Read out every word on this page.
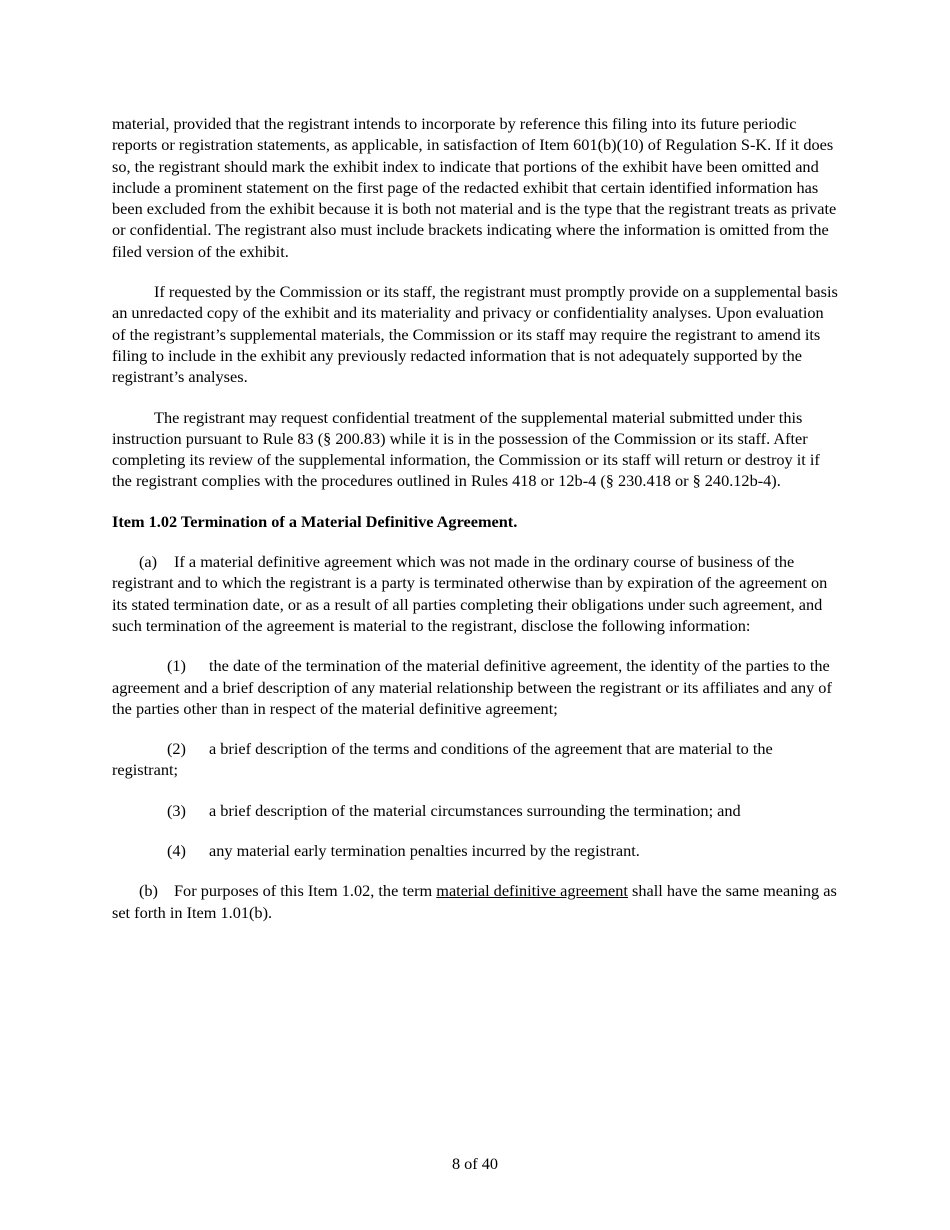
material, provided that the registrant intends to incorporate by reference this filing into its future periodic reports or registration statements, as applicable, in satisfaction of Item 601(b)(10) of Regulation S-K. If it does so, the registrant should mark the exhibit index to indicate that portions of the exhibit have been omitted and include a prominent statement on the first page of the redacted exhibit that certain identified information has been excluded from the exhibit because it is both not material and is the type that the registrant treats as private or confidential. The registrant also must include brackets indicating where the information is omitted from the filed version of the exhibit.

If requested by the Commission or its staff, the registrant must promptly provide on a supplemental basis an unredacted copy of the exhibit and its materiality and privacy or confidentiality analyses. Upon evaluation of the registrant’s supplemental materials, the Commission or its staff may require the registrant to amend its filing to include in the exhibit any previously redacted information that is not adequately supported by the registrant’s analyses.

The registrant may request confidential treatment of the supplemental material submitted under this instruction pursuant to Rule 83 (§ 200.83) while it is in the possession of the Commission or its staff. After completing its review of the supplemental information, the Commission or its staff will return or destroy it if the registrant complies with the procedures outlined in Rules 418 or 12b-4 (§ 230.418 or § 240.12b-4).

Item 1.02 Termination of a Material Definitive Agreement.

(a) If a material definitive agreement which was not made in the ordinary course of business of the registrant and to which the registrant is a party is terminated otherwise than by expiration of the agreement on its stated termination date, or as a result of all parties completing their obligations under such agreement, and such termination of the agreement is material to the registrant, disclose the following information:

(1) the date of the termination of the material definitive agreement, the identity of the parties to the agreement and a brief description of any material relationship between the registrant or its affiliates and any of the parties other than in respect of the material definitive agreement;

(2) a brief description of the terms and conditions of the agreement that are material to the registrant;

(3) a brief description of the material circumstances surrounding the termination; and

(4) any material early termination penalties incurred by the registrant.

(b) For purposes of this Item 1.02, the term material definitive agreement shall have the same meaning as set forth in Item 1.01(b).

8 of 40
